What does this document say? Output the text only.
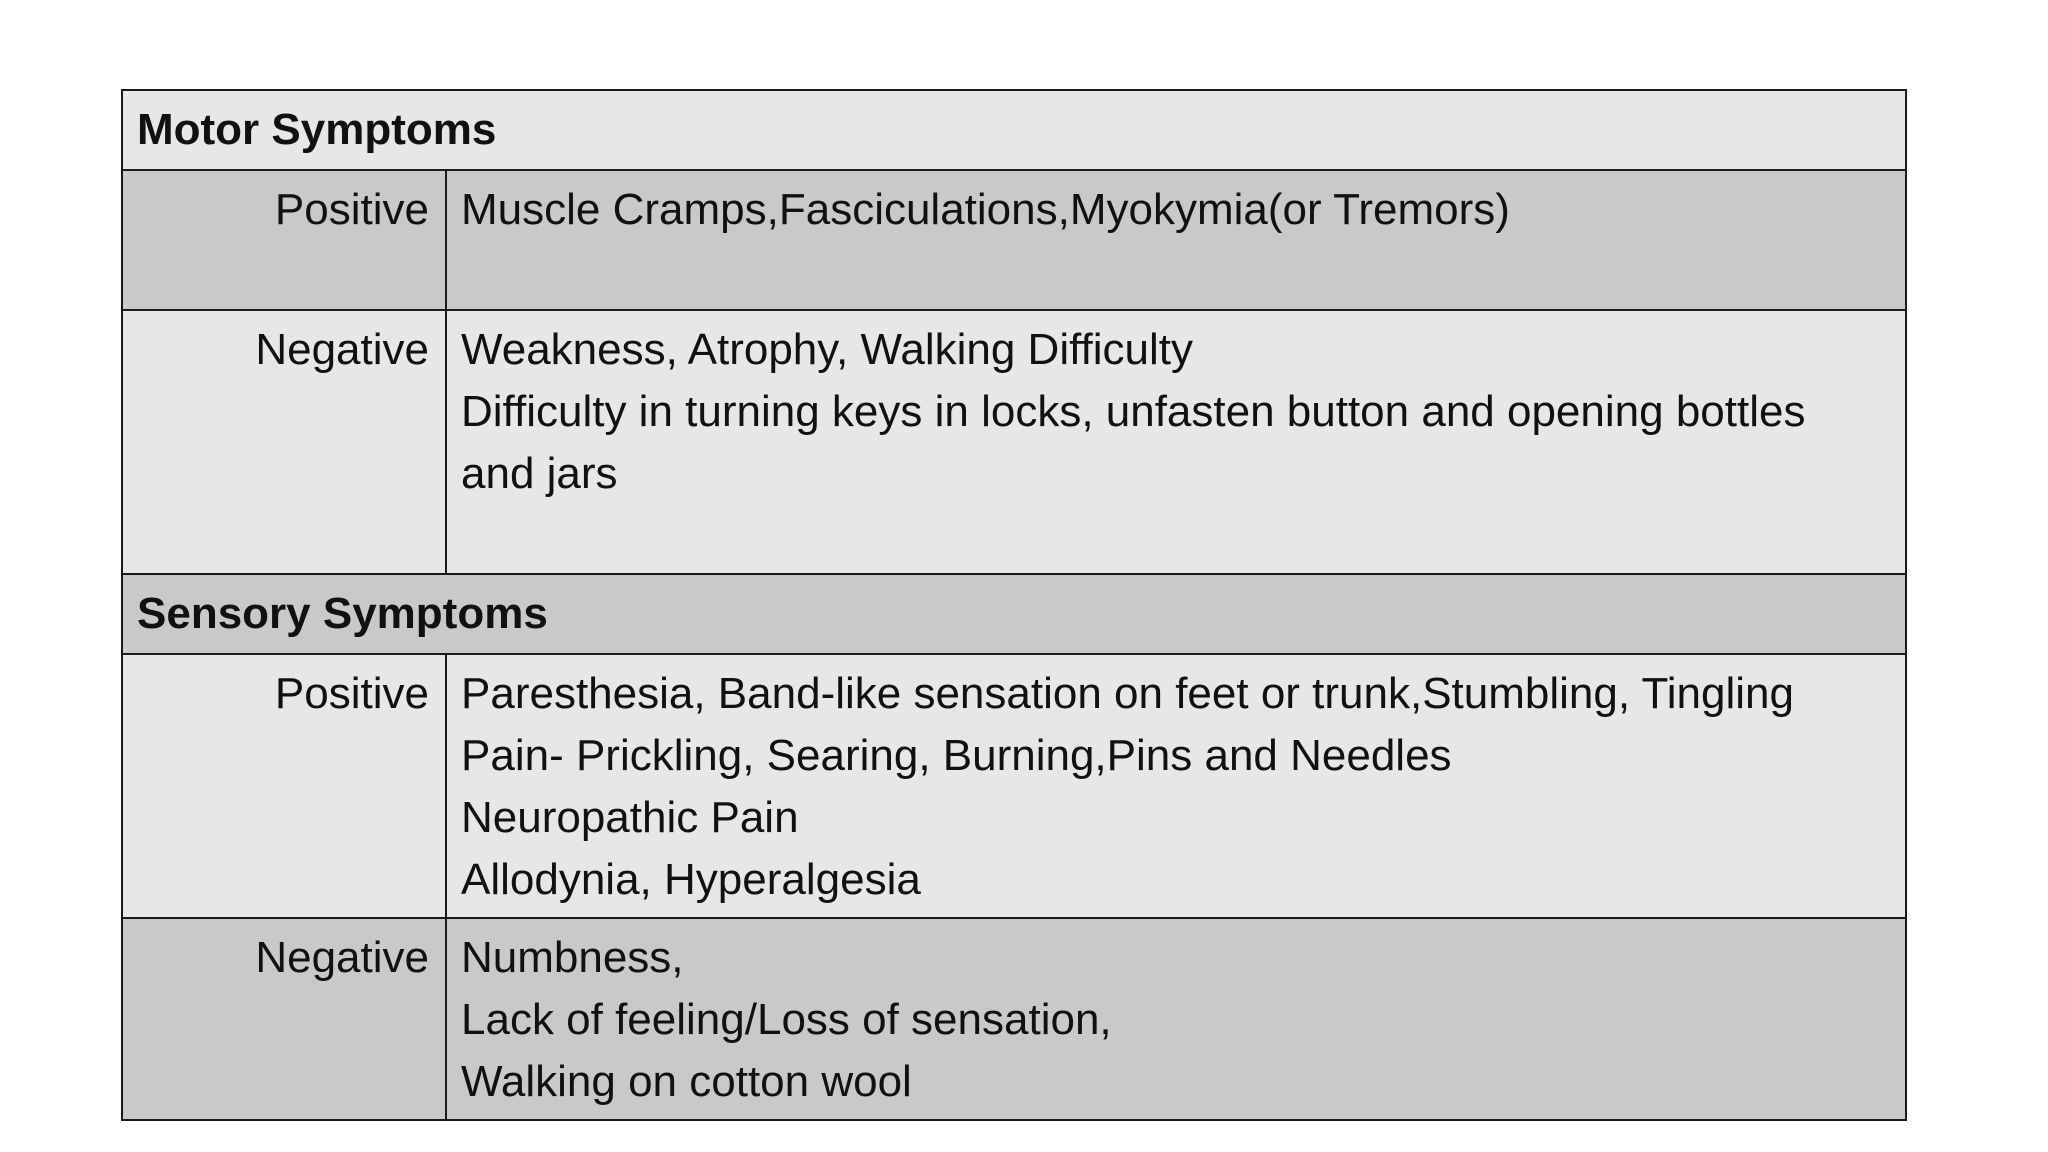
Motor Symptoms	
Positive	Muscle Cramps,Fasciculations,Myokymia(or Tremors)

Negative	Weakness, Atrophy, Walking Difficulty
Difficulty in turning keys in locks, unfasten button and opening bottles and jars

Sensory Symptoms	
Positive	Paresthesia, Band-like sensation on feet or trunk,Stumbling, Tingling
Pain- Prickling, Searing, Burning,Pins and Needles
Neuropathic Pain
Allodynia, Hyperalgesia

Negative	Numbness,
Lack of feeling/Loss of sensation,
Walking on cotton wool
